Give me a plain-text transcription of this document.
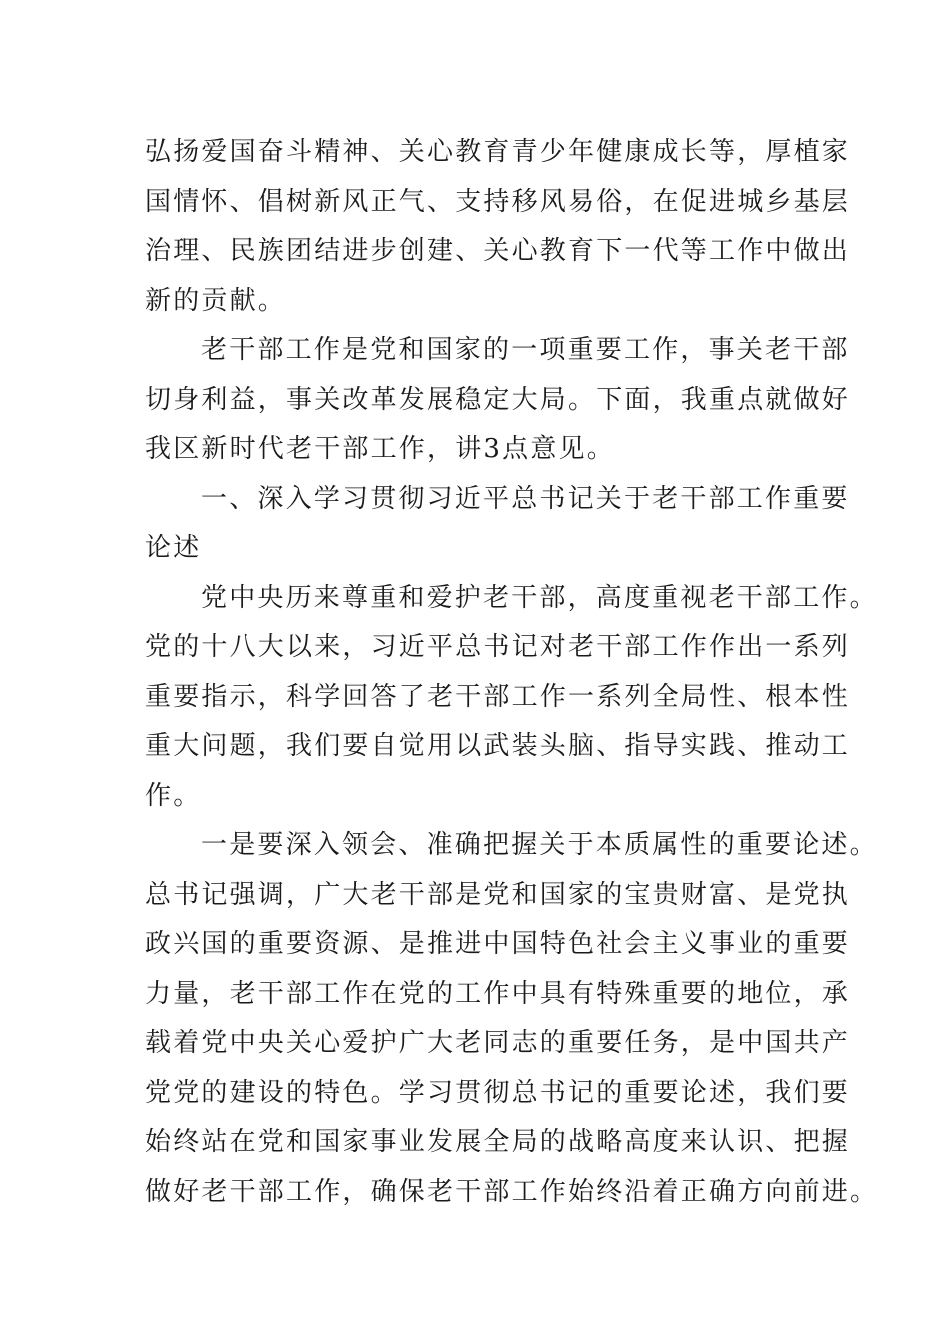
弘扬爱国奋斗精神、关心教育青少年健康成长等，厚植家
国情怀、倡树新风正气、支持移风易俗，在促进城乡基层
治理、民族团结进步创建、关心教育下一代等工作中做出
新的贡献。

老干部工作是党和国家的一项重要工作，事关老干部
切身利益，事关改革发展稳定大局。下面，我重点就做好
我区新时代老干部工作，讲3点意见。

一、深入学习贯彻习近平总书记关于老干部工作重要
论述

党中央历来尊重和爱护老干部，高度重视老干部工作。
党的十八大以来，习近平总书记对老干部工作作出一系列
重要指示，科学回答了老干部工作一系列全局性、根本性
重大问题，我们要自觉用以武装头脑、指导实践、推动工
作。

一是要深入领会、准确把握关于本质属性的重要论述。
总书记强调，广大老干部是党和国家的宝贵财富、是党执
政兴国的重要资源、是推进中国特色社会主义事业的重要
力量，老干部工作在党的工作中具有特殊重要的地位，承
载着党中央关心爱护广大老同志的重要任务，是中国共产
党党的建设的特色。学习贯彻总书记的重要论述，我们要
始终站在党和国家事业发展全局的战略高度来认识、把握
做好老干部工作，确保老干部工作始终沿着正确方向前进。
